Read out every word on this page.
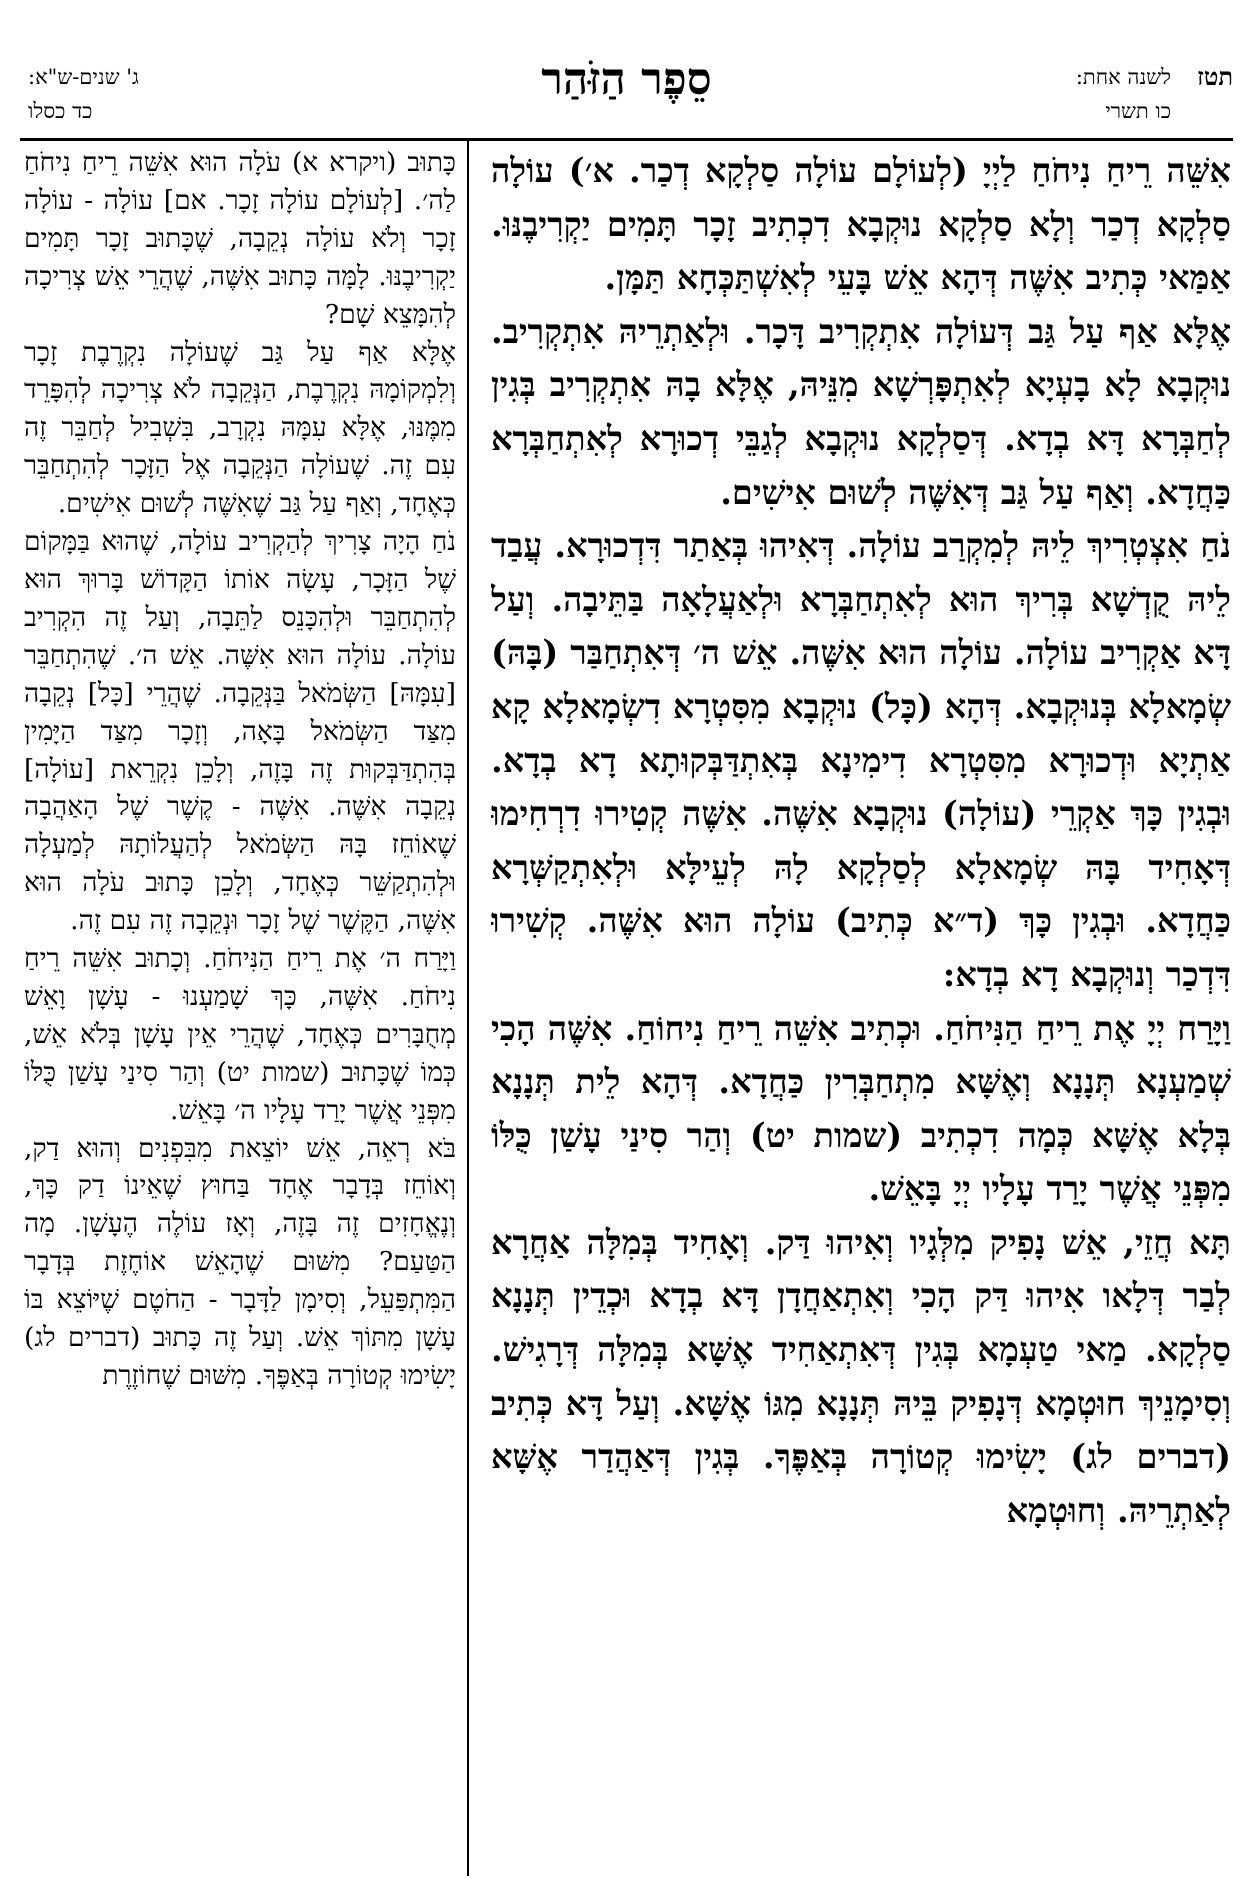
תטז
לשנה אחת:
כו תשרי
סֵפֶר הַזֹּהַר
ג' שנים-ש"א:
כד כסלו

אִשֵּׁה רֵיחַ נִיחֹחַ לַיְיָ (לְעוֹלָם עוֹלָה סַלְקָא דְכַר. א׳) עוֹלָה סַלְקָא דְכַר וְלָא סַלְקָא נוּקְבָא דִכְתִיב זָכָר תָּמִים יַקְרִיבֶנּוּ. אַמַּאי כְּתִיב אִשֶּׁה דְּהָא אֵשׁ בָּעֵי לְאִשְׁתַּכְּחָא תַּמָּן.

אֶלָּא אַף עַל גַּב דְּעוֹלָה אִתְקְרִיב דָּכָר. וּלְאַתְרֵיהּ אִתְקְרִיב. נוּקְבָא לָא בָעְיָא לְאִתְפָּרְשָׁא מִנֵּיהּ, אֶלָּא בָהּ אִתְקְרִיב בְּגִין לְחַבְּרָא דָּא בְדָא. דְּסַלְקָא נוּקְבָא לְגַבֵּי דְכוּרָא לְאִתְחַבְּרָא כַּחֲדָא. וְאַף עַל גַּב דְּאִשֶּׁה לְשׁוּם אִישִׁים.

נֹחַ אִצְטְרִיךְ לֵיהּ לְמִקְרַב עוֹלָה. דְּאִיהוּ בְּאַתַר דִּדְכוּרָא. עֲבַד לֵיהּ קֻדְשָׁא בְּרִיךְ הוּא לְאִתְחַבְּרָא וּלְאַעֲלָאָה בַּתֵּיבָה. וְעַל דָּא אַקְרִיב עוֹלָה. עוֹלָה הוּא אִשֶּׁה. אֵשׁ ה׳ דְּאִתְחַבַּר (בָּהּ) שְׂמָאלָא בְּנוּקְבָא. דְּהָא (כָּל) נוּקְבָא מִסִּטְרָא דִשְׂמָאלָא קָא אַתְיָא וּדְכוּרָא מִסִּטְרָא דִימִינָא בְּאִתְדַּבְּקוּתָא דָא בְדָא. וּבְגִין כָּךְ אַקְרֵי (עוֹלָה) נוּקְבָא אִשֶּׁה. אִשֶּׁה קְטִירוּ דִרְחִימוּ דְּאָחִיד בָּהּ שְׂמָאלָא לְסַלְקָא לָהּ לְעֵילָּא וּלְאִתְקַשְּׁרָא כַּחֲדָא. וּבְגִין כָּךְ (ד״א כְּתִיב) עוֹלָה הוּא אִשֶּׁה. קְשִׁירוּ דִּדְכַר וְנוּקְבָא דָא בְדָא:

וַיָּרַח יְיָ אֶת רֵיחַ הַנִּיחֹחַ. וּכְתִיב אִשֵּׁה רֵיחַ נִיחוֹחַ. אִשֶּׁה הָכִי שְׁמַעְנָא תְּנָנָא וְאֶשָּׁא מִתְחַבְּרִין כַּחֲדָא. דְּהָא לֵית תְּנָנָא בְּלָא אֶשָּׁא כְּמָה דִכְתִיב (שמות יט) וְהַר סִינַי עָשַׁן כֻּלּוֹ מִפְּנֵי אֲשֶׁר יָרַד עָלָיו יְיָ בָּאֵשׁ.

תָּא חֲזֵי, אֵשׁ נָפִיק מִלְּגָיו וְאִיהוּ דַּק. וְאָחִיד בְּמִלָּה אַחֲרָא לְבַר דְּלָאו אִיהוּ דַּק הָכִי וְאִתְאַחֲדָן דָּא בְדָא וּכְדֵין תְּנָנָא סַלְקָא. מַאי טַעְמָא בְּגִין דְּאִתְאַחִיד אֶשָּׁא בְּמִלָּה דְּרָגִישׁ. וְסִימָנֵיךְ חוּטְמָא דְּנָפִיק בֵּיהּ תְּנָנָא מִגּוֹ אֶשָּׁא. וְעַל דָּא כְּתִיב (דברים לג) יָשִׂימוּ קְטוֹרָה בְּאַפֶּךָ. בְּגִין דְּאַהֲדַר אֶשָּׁא לְאַתְרֵיהּ. וְחוּטְמָא

כָּתוּב (ויקרא א) עֹלָה הוּא אִשֵּׁה רֵיחַ נִיחֹחַ לַה׳. [לְעוֹלָם עוֹלָה זָכָר. אם] עוֹלָה - עוֹלָה זָכָר וְלֹא עוֹלָה נְקֵבָה, שֶׁכָּתוּב זָכָר תָּמִים יַקְרִיבֶנּוּ. לָמָּה כָּתוּב אִשֶּׁה, שֶׁהֲרֵי אֵשׁ צְרִיכָה לְהִמָּצֵא שָׁם?

אֶלָּא אַף עַל גַּב שֶׁעוֹלָה נִקְרֶבֶת זָכָר וְלִמְקוֹמָהּ נִקְרֶבֶת, הַנְּקֵבָה לֹא צְרִיכָה לְהִפָּרֵד מִמֶּנּוּ, אֶלָּא עִמָּהּ נִקְרָב, בִּשְׁבִיל לְחַבֵּר זֶה עִם זֶה. שֶׁעוֹלָה הַנְּקֵבָה אֶל הַזָּכָר לְהִתְחַבֵּר כְּאֶחָד, וְאַף עַל גַּב שֶׁאִשֶּׁה לְשׁוּם אִישִׁים.

נֹחַ הָיָה צָרִיךְ לְהַקְרִיב עוֹלָה, שֶׁהוּא בַּמָּקוֹם שֶׁל הַזָּכָר, עָשָׂה אוֹתוֹ הַקָּדוֹשׁ בָּרוּךְ הוּא לְהִתְחַבֵּר וּלְהִכָּנֵס לַתֵּבָה, וְעַל זֶה הִקְרִיב עוֹלָה. עוֹלָה הוּא אִשֶּׁה. אֵשׁ ה׳. שֶׁהִתְחַבֵּר [עִמָּהּ] הַשְּׂמֹאל בַּנְּקֵבָה. שֶׁהֲרֵי [כָּל] נְקֵבָה מִצַּד הַשְּׂמֹאל בָּאָה, וְזָכָר מִצַּד הַיָּמִין בְּהִתְדַּבְּקוּת זֶה בָּזֶה, וְלָכֵן נִקְרֵאת [עוֹלָה] נְקֵבָה אִשֶּׁה. אִשֶּׁה - קֶשֶׁר שֶׁל הָאַהֲבָה שֶׁאוֹחֵז בָּהּ הַשְּׂמֹאל לְהַעֲלוֹתָהּ לְמַעְלָה וּלְהִתְקַשֵּׁר כְּאֶחָד, וְלָכֵן כָּתוּב עֹלָה הוּא אִשֶּׁה, הַקֶּשֶׁר שֶׁל זָכָר וּנְקֵבָה זֶה עִם זֶה.

וַיָּרַח ה׳ אֶת רֵיחַ הַנִּיחֹחַ. וְכָתוּב אִשֵּׁה רֵיחַ נִיחֹחַ. אִשֶּׁה, כָּךְ שָׁמַעְנוּ - עָשָׁן וָאֵשׁ מְחֻבָּרִים כְּאֶחָד, שֶׁהֲרֵי אֵין עָשָׁן בְּלֹא אֵשׁ, כְּמוֹ שֶׁכָּתוּב (שמות יט) וְהַר סִינַי עָשַׁן כֻּלּוֹ מִפְּנֵי אֲשֶׁר יָרַד עָלָיו ה׳ בָּאֵשׁ.

בֹּא רְאֵה, אֵשׁ יוֹצֵאת מִבִּפְנִים וְהוּא דַק, וְאוֹחֵז בְּדָבָר אֶחָד בַּחוּץ שֶׁאֵינוֹ דַק כָּךְ, וְנֶאֱחָזִים זֶה בָּזֶה, וְאָז עוֹלֶה הֶעָשָׁן. מָה הַטַּעַם? מִשּׁוּם שֶׁהָאֵשׁ אוֹחֶזֶת בְּדָבָר הַמִּתְפַּעֵל, וְסִימָן לַדָּבָר - הַחֹטֶם שֶׁיּוֹצֵא בּוֹ עָשָׁן מִתּוֹךְ אֵשׁ. וְעַל זֶה כָּתוּב (דברים לג) יָשִׂימוּ קְטוֹרָה בְּאַפֶּךָ. מִשּׁוּם שֶׁחוֹזֶרֶת
